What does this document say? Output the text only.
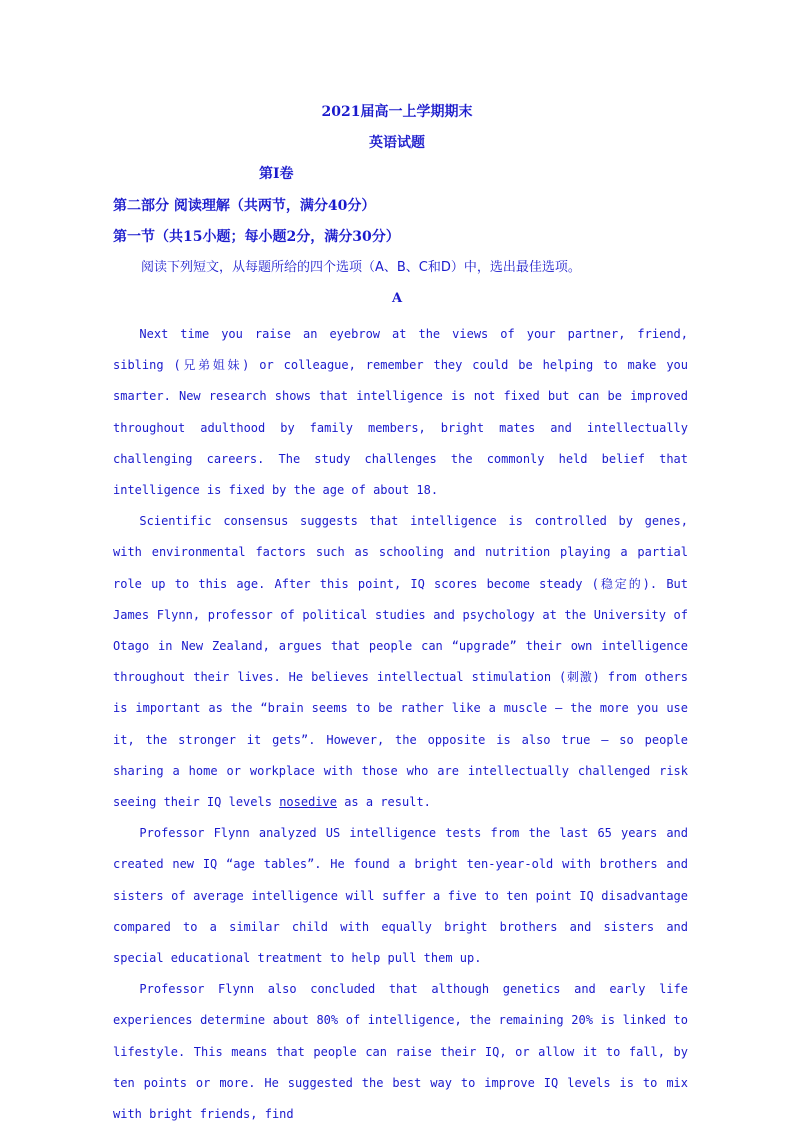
2021届高一上学期期末
英语试题
第I卷
第二部分 阅读理解（共两节，满分40分）
第一节（共15小题；每小题2分，满分30分）
阅读下列短文，从每题所给的四个选项（A、B、C和D）中，选出最佳选项。
A

Next time you raise an eyebrow at the views of your partner, friend, sibling (兄弟姐妹) or colleague, remember they could be helping to make you smarter. New research shows that intelligence is not fixed but can be improved throughout adulthood by family members, bright mates and intellectually challenging careers. The study challenges the commonly held belief that intelligence is fixed by the age of about 18.

Scientific consensus suggests that intelligence is controlled by genes, with environmental factors such as schooling and nutrition playing a partial role up to this age. After this point, IQ scores become steady (稳定的). But James Flynn, professor of political studies and psychology at the University of Otago in New Zealand, argues that people can “upgrade” their own intelligence throughout their lives. He believes intellectual stimulation (刺激) from others is important as the “brain seems to be rather like a muscle – the more you use it, the stronger it gets”. However, the opposite is also true – so people sharing a home or workplace with those who are intellectually challenged risk seeing their IQ levels nosedive as a result.

Professor Flynn analyzed US intelligence tests from the last 65 years and created new IQ “age tables”. He found a bright ten-year-old with brothers and sisters of average intelligence will suffer a five to ten point IQ disadvantage compared to a similar child with equally bright brothers and sisters and special educational treatment to help pull them up.

Professor Flynn also concluded that although genetics and early life experiences determine about 80% of intelligence, the remaining 20% is linked to lifestyle. This means that people can raise their IQ, or allow it to fall, by ten points or more. He suggested the best way to improve IQ levels is to mix with bright friends, find
